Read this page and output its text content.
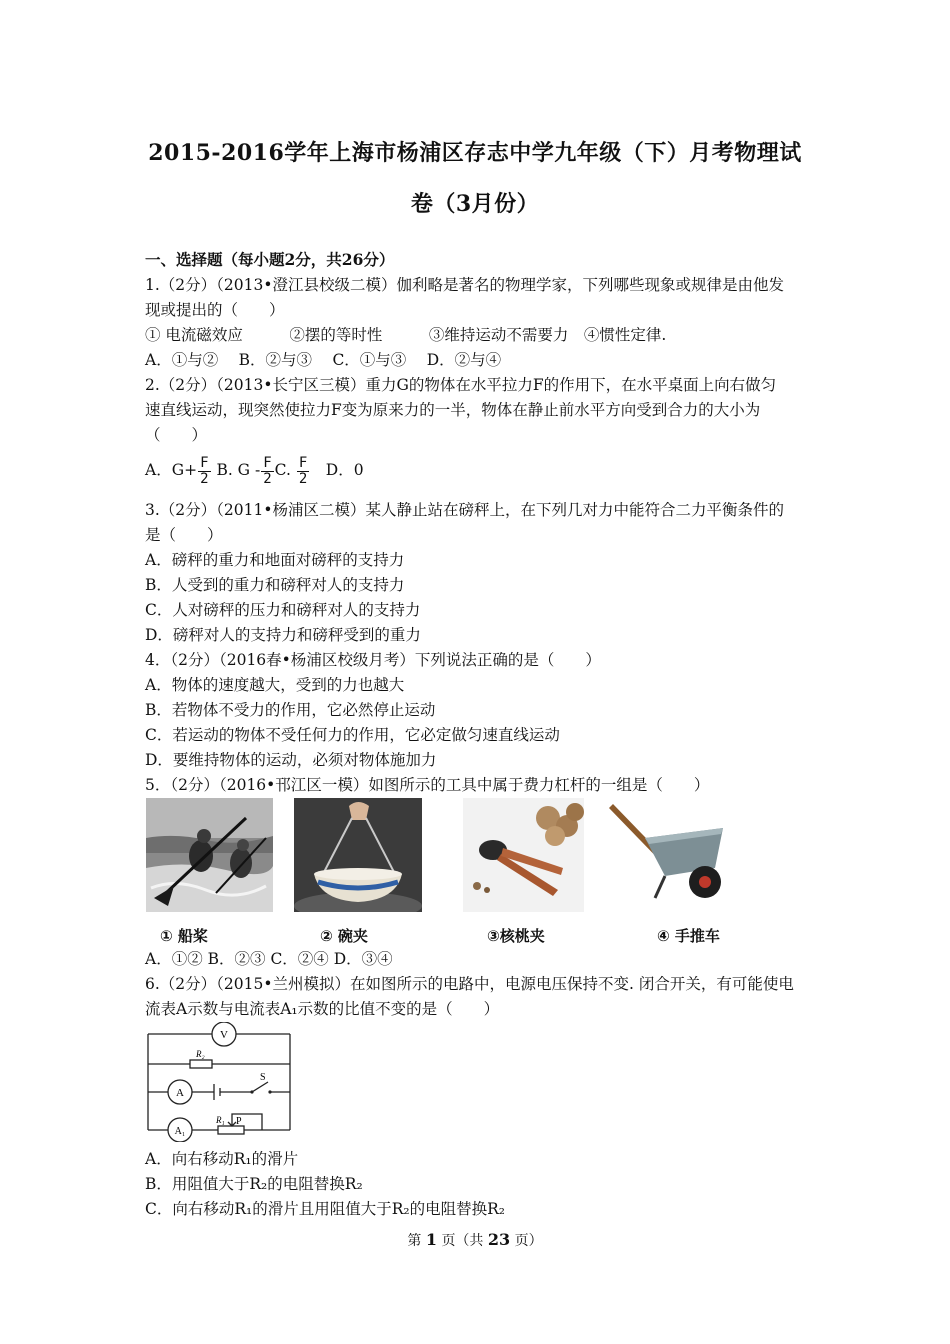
2015-2016学年上海市杨浦区存志中学九年级（下）月考物理试
卷（3月份）
一、选择题（每小题2分，共26分）
1.（2分）（2013•澄江县校级二模）伽利略是著名的物理学家，下列哪些现象或规律是由他发
现或提出的（　　）
① 电流磁效应　　　②摆的等时性　　　③维持运动不需要力　④惯性定律.
A．①与②　 B．②与③　 C．①与③　 D．②与④
2.（2分）（2013•长宁区三模）重力G的物体在水平拉力F的作用下，在水平桌面上向右做匀
速直线运动，现突然使拉力F变为原来力的一半，物体在静止前水平方向受到合力的大小为
（　　）
A．$G+ \frac{F}{2} B$. G - $\frac{F}{2} C$. $\frac{F}{2}$ 　D．0
3.（2分）（2011•杨浦区二模）某人静止站在磅秤上，在下列几对力中能符合二力平衡条件的
是（　　）
A．磅秤的重力和地面对磅秤的支持力
B．人受到的重力和磅秤对人的支持力
C．人对磅秤的压力和磅秤对人的支持力
D．磅秤对人的支持力和磅秤受到的重力
4．（2分）（2016春•杨浦区校级月考）下列说法正确的是（　　）
A．物体的速度越大，受到的力也越大
B．若物体不受力的作用，它必然停止运动
C．若运动的物体不受任何力的作用，它必定做匀速直线运动
D．要维持物体的运动，必须对物体施加力
5．（2分）（2016•邗江区一模）如图所示的工具中属于费力杠杆的一组是（　　）
① 船桨	② 碗夹	③核桃夹	④ 手推车
A．①② B．②③ C．②④ D．③④
6.（2分）（2015•兰州模拟）在如图所示的电路中，电源电压保持不变. 闭合开关，有可能使电
流表A示数与电流表A₁示数的比值不变的是（　　）
V
A
A₁
R₂
R₁
S
P
A．向右移动R₁的滑片
B．用阻值大于R₂的电阻替换R₂
C．向右移动R₁的滑片且用阻值大于R₂的电阻替换R₂
第 1 页（共 23 页）
